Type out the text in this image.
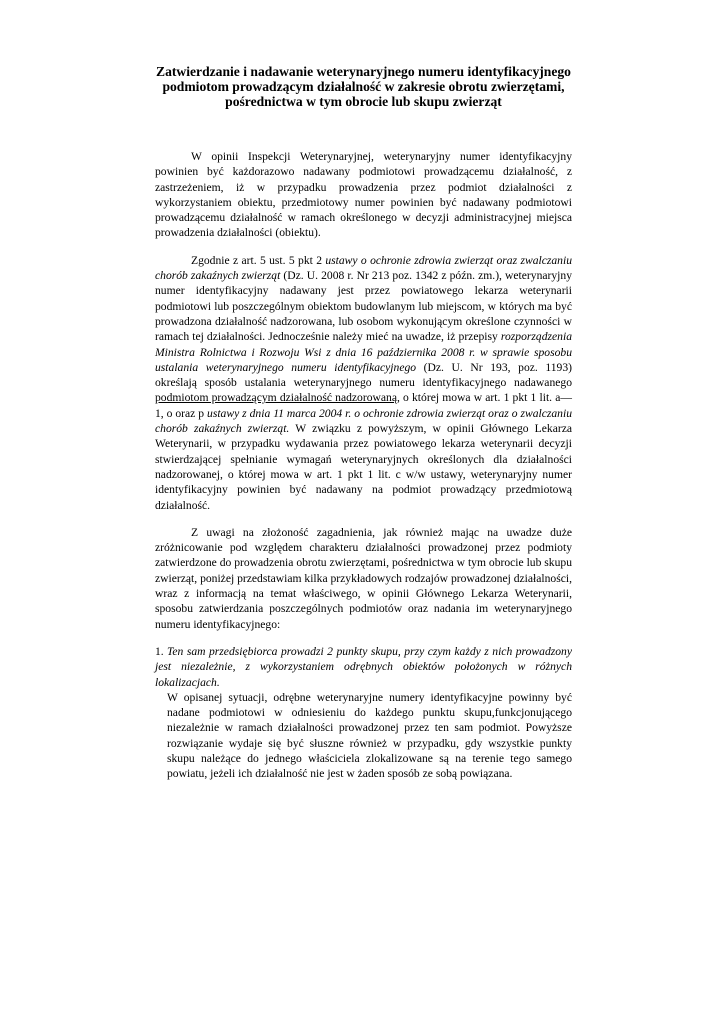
Zatwierdzanie i nadawanie weterynaryjnego numeru identyfikacyjnego
podmiotom prowadzącym działalność w zakresie obrotu zwierzętami,
pośrednictwa w tym obrocie lub skupu zwierząt

W opinii Inspekcji Weterynaryjnej, weterynaryjny numer identyfikacyjny powinien być każdorazowo nadawany podmiotowi prowadzącemu działalność, z zastrzeżeniem, iż w przypadku prowadzenia przez podmiot działalności z wykorzystaniem obiektu, przedmiotowy numer powinien być nadawany podmiotowi prowadzącemu działalność w ramach określonego w decyzji administracyjnej miejsca prowadzenia działalności (obiektu).

Zgodnie z art. 5 ust. 5 pkt 2 ustawy o ochronie zdrowia zwierząt oraz zwalczaniu chorób zakaźnych zwierząt (Dz. U. 2008 r. Nr 213 poz. 1342 z późn. zm.), weterynaryjny numer identyfikacyjny nadawany jest przez powiatowego lekarza weterynarii podmiotowi lub poszczególnym obiektom budowlanym lub miejscom, w których ma być prowadzona działalność nadzorowana, lub osobom wykonującym określone czynności w ramach tej działalności. Jednocześnie należy mieć na uwadze, iż przepisy rozporządzenia Ministra Rolnictwa i Rozwoju Wsi z dnia 16 października 2008 r. w sprawie sposobu ustalania weterynaryjnego numeru identyfikacyjnego (Dz. U. Nr 193, poz. 1193) określają sposób ustalania weterynaryjnego numeru identyfikacyjnego nadawanego podmiotom prowadzącym działalność nadzorowaną, o której mowa w art. 1 pkt 1 lit. a—1, o oraz p ustawy z dnia 11 marca 2004 r. o ochronie zdrowia zwierząt oraz o zwalczaniu chorób zakaźnych zwierząt. W związku z powyższym, w opinii Głównego Lekarza Weterynarii, w przypadku wydawania przez powiatowego lekarza weterynarii decyzji stwierdzającej spełnianie wymagań weterynaryjnych określonych dla działalności nadzorowanej, o której mowa w art. 1 pkt 1 lit. c w/w ustawy, weterynaryjny numer identyfikacyjny powinien być nadawany na podmiot prowadzący przedmiotową działalność.

Z uwagi na złożoność zagadnienia, jak również mając na uwadze duże zróżnicowanie pod względem charakteru działalności prowadzonej przez podmioty zatwierdzone do prowadzenia obrotu zwierzętami, pośrednictwa w tym obrocie lub skupu zwierząt, poniżej przedstawiam kilka przykładowych rodzajów prowadzonej działalności, wraz z informacją na temat właściwego, w opinii Głównego Lekarza Weterynarii, sposobu zatwierdzania poszczególnych podmiotów oraz nadania im weterynaryjnego numeru identyfikacyjnego:

1. Ten sam przedsiębiorca prowadzi 2 punkty skupu, przy czym każdy z nich prowadzony jest niezależnie, z wykorzystaniem odrębnych obiektów położonych w różnych lokalizacjach.
W opisanej sytuacji, odrębne weterynaryjne numery identyfikacyjne powinny być nadane podmiotowi w odniesieniu do każdego punktu skupu,funkcjonującego niezależnie w ramach działalności prowadzonej przez ten sam podmiot. Powyższe rozwiązanie wydaje się być słuszne również w przypadku, gdy wszystkie punkty skupu należące do jednego właściciela zlokalizowane są na terenie tego samego powiatu, jeżeli ich działalność nie jest w żaden sposób ze sobą powiązana.
